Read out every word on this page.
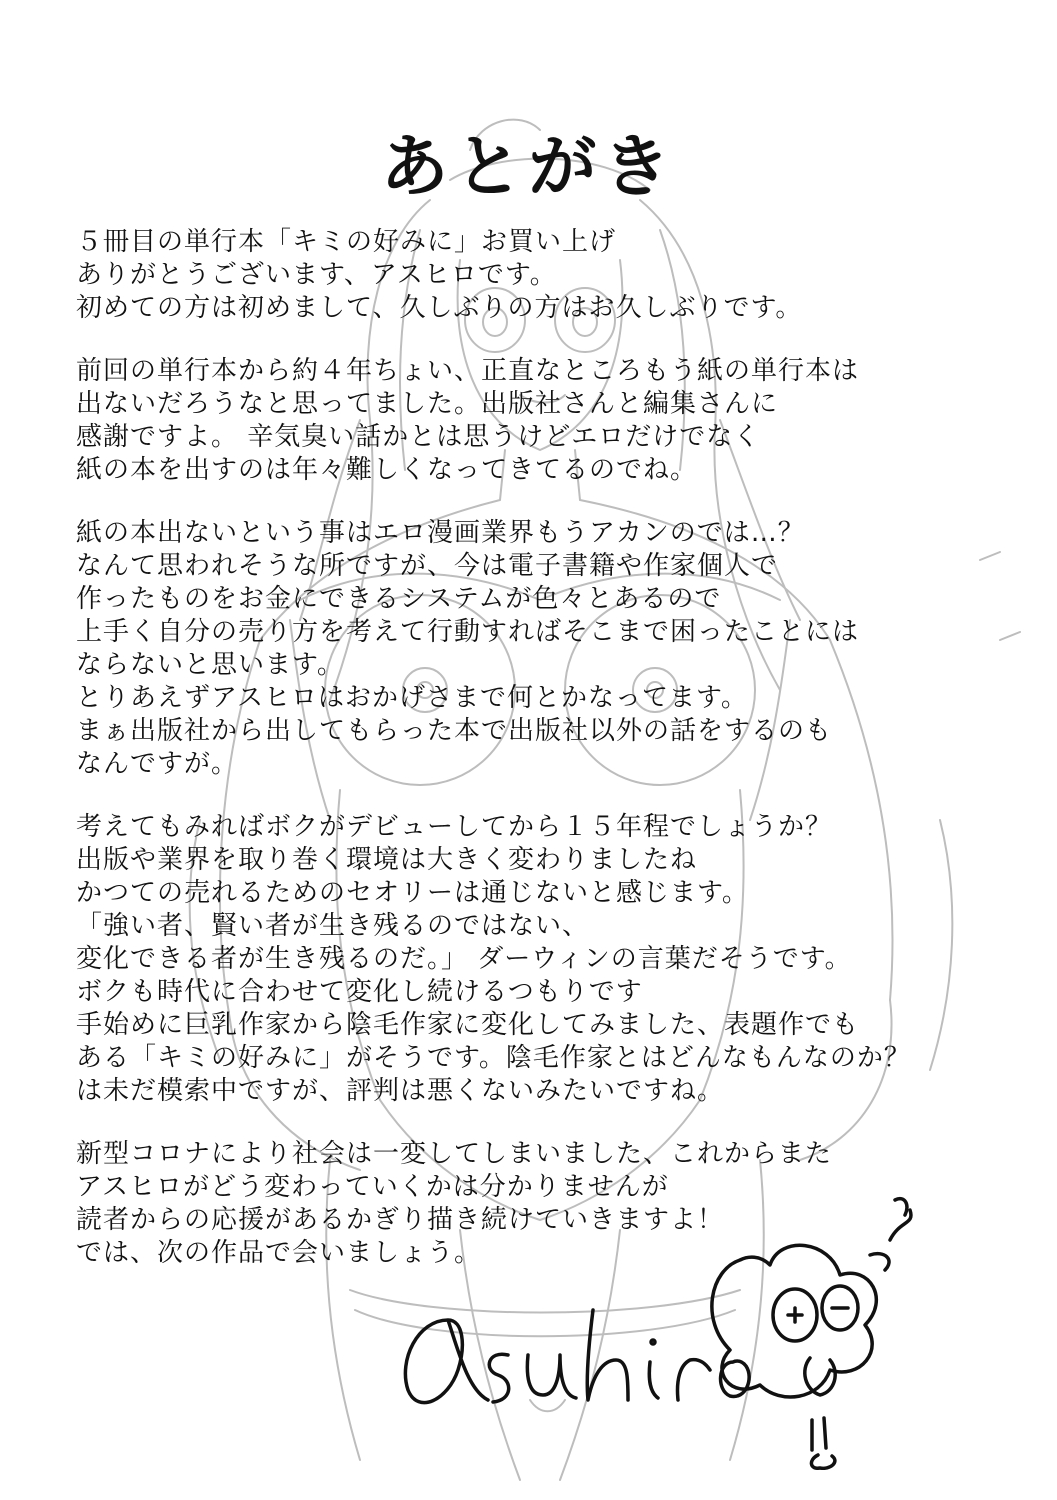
あとがき
５冊目の単行本「キミの好みに」お買い上げ
ありがとうございます、アスヒロです。
初めての方は初めまして、久しぶりの方はお久しぶりです。
前回の単行本から約４年ちょい、正直なところもう紙の単行本は
出ないだろうなと思ってました。出版社さんと編集さんに
感謝ですよ。 辛気臭い話かとは思うけどエロだけでなく
紙の本を出すのは年々難しくなってきてるのでね。
紙の本出ないという事はエロ漫画業界もうアカンのでは…？
なんて思われそうな所ですが、今は電子書籍や作家個人で
作ったものをお金にできるシステムが色々とあるので
上手く自分の売り方を考えて行動すればそこまで困ったことには
ならないと思います。
とりあえずアスヒロはおかげさまで何とかなってます。
まぁ出版社から出してもらった本で出版社以外の話をするのも
なんですが。
考えてもみればボクがデビューしてから１５年程でしょうか？
出版や業界を取り巻く環境は大きく変わりましたね
かつての売れるためのセオリーは通じないと感じます。
「強い者、賢い者が生き残るのではない、
変化できる者が生き残るのだ。」 ダーウィンの言葉だそうです。
ボクも時代に合わせて変化し続けるつもりです
手始めに巨乳作家から陰毛作家に変化してみました、表題作でも
ある「キミの好みに」がそうです。陰毛作家とはどんなもんなのか？
は未だ模索中ですが、評判は悪くないみたいですね。
新型コロナにより社会は一変してしまいました、これからまた
アスヒロがどう変わっていくかは分かりませんが
読者からの応援があるかぎり描き続けていきますよ！
では、次の作品で会いましょう。
